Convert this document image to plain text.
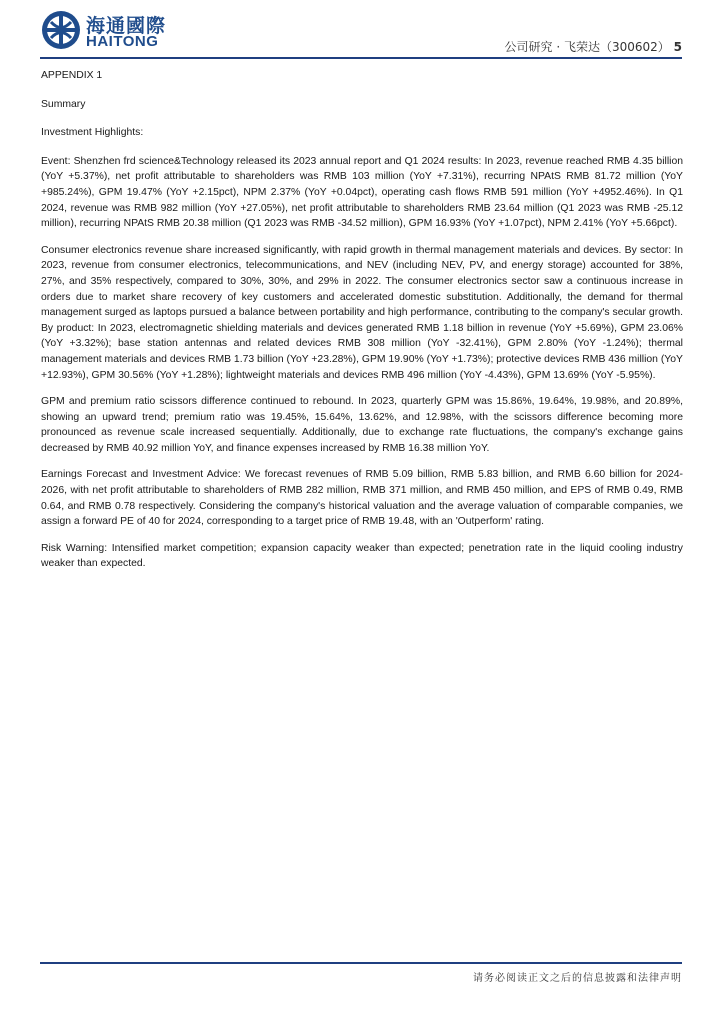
海通國際
HAITONG	公司研究 · 飞荣达（300602） 5

APPENDIX 1

Summary

Investment Highlights:

Event: Shenzhen frd science&Technology released its 2023 annual report and Q1 2024 results: In 2023, revenue reached RMB 4.35 billion (YoY +5.37%), net profit attributable to shareholders was RMB 103 million (YoY +7.31%), recurring NPAtS RMB 81.72 million (YoY +985.24%), GPM 19.47% (YoY +2.15pct), NPM 2.37% (YoY +0.04pct), operating cash flows RMB 591 million (YoY +4952.46%). In Q1 2024, revenue was RMB 982 million (YoY +27.05%), net profit attributable to shareholders RMB 23.64 million (Q1 2023 was RMB -25.12 million), recurring NPAtS RMB 20.38 million (Q1 2023 was RMB -34.52 million), GPM 16.93% (YoY +1.07pct), NPM 2.41% (YoY +5.66pct).

Consumer electronics revenue share increased significantly, with rapid growth in thermal management materials and devices. By sector: In 2023, revenue from consumer electronics, telecommunications, and NEV (including NEV, PV, and energy storage) accounted for 38%, 27%, and 35% respectively, compared to 30%, 30%, and 29% in 2022. The consumer electronics sector saw a continuous increase in orders due to market share recovery of key customers and accelerated domestic substitution. Additionally, the demand for thermal management surged as laptops pursued a balance between portability and high performance, contributing to the company's secular growth. By product: In 2023, electromagnetic shielding materials and devices generated RMB 1.18 billion in revenue (YoY +5.69%), GPM 23.06% (YoY +3.32%); base station antennas and related devices RMB 308 million (YoY -32.41%), GPM 2.80% (YoY -1.24%); thermal management materials and devices RMB 1.73 billion (YoY +23.28%), GPM 19.90% (YoY +1.73%); protective devices RMB 436 million (YoY +12.93%), GPM 30.56% (YoY +1.28%); lightweight materials and devices RMB 496 million (YoY -4.43%), GPM 13.69% (YoY -5.95%).

GPM and premium ratio scissors difference continued to rebound. In 2023, quarterly GPM was 15.86%, 19.64%, 19.98%, and 20.89%, showing an upward trend; premium ratio was 19.45%, 15.64%, 13.62%, and 12.98%, with the scissors difference becoming more pronounced as revenue scale increased sequentially. Additionally, due to exchange rate fluctuations, the company's exchange gains decreased by RMB 40.92 million YoY, and finance expenses increased by RMB 16.38 million YoY.

Earnings Forecast and Investment Advice: We forecast revenues of RMB 5.09 billion, RMB 5.83 billion, and RMB 6.60 billion for 2024-2026, with net profit attributable to shareholders of RMB 282 million, RMB 371 million, and RMB 450 million, and EPS of RMB 0.49, RMB 0.64, and RMB 0.78 respectively. Considering the company's historical valuation and the average valuation of comparable companies, we assign a forward PE of 40 for 2024, corresponding to a target price of RMB 19.48, with an 'Outperform' rating.

Risk Warning: Intensified market competition; expansion capacity weaker than expected; penetration rate in the liquid cooling industry weaker than expected.

请务必阅读正文之后的信息披露和法律声明
